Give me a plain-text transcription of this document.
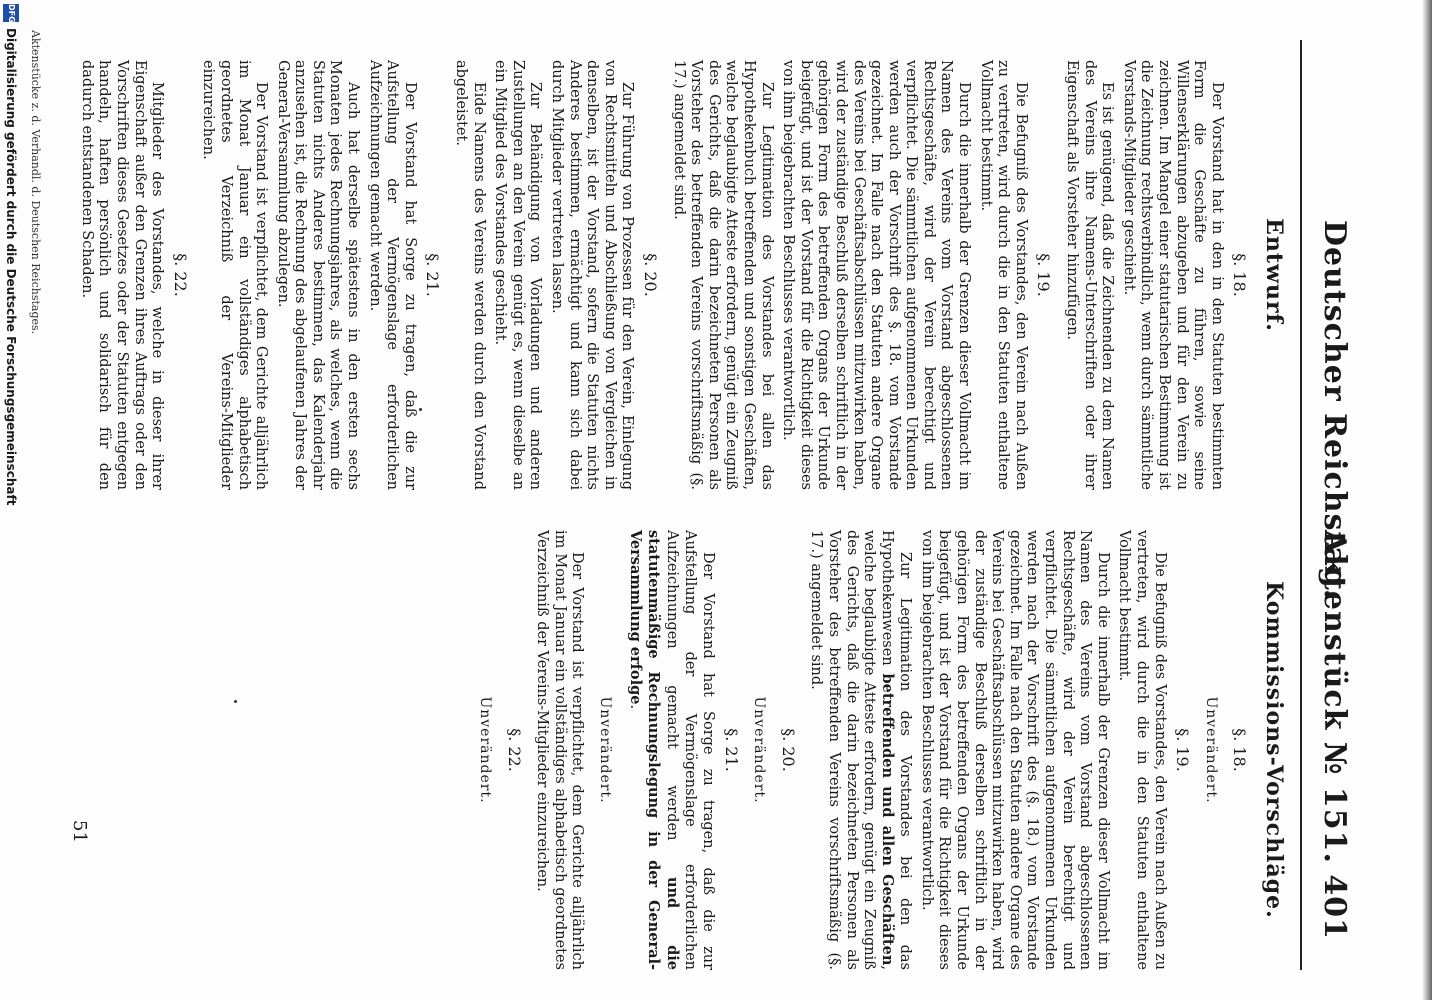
Deutscher Reichstag.
Aktenstück № 151.
401
Entwurf.
§. 18.

Der Vorstand hat in den in den Statuten bestimmten Form die Geschäfte zu führen, sowie seine Willenserklärungen abzugeben und für den Verein zu zeichnen. Im Mangel einer statutarischen Bestimmung ist die Zeichnung rechtsverbindlich, wenn durch sämmtliche Vorstands-Mitglieder geschieht.

Es ist genügend, daß die Zeichnenden zu dem Namen des Vereins ihre Namens-Unterschriften oder ihrer Eigenschaft als Vorsteher hinzufügen.

§. 19.

Die Befugniß des Vorstandes, den Verein nach Außen zu vertreten, wird durch die in den Statuten enthaltene Vollmacht bestimmt.

Durch die innerhalb der Grenzen dieser Vollmacht im Namen des Vereins vom Vorstand abgeschlossenen Rechtsgeschäfte, wird der Verein berechtigt und verpflichtet. Die sämmtlichen aufgenommenen Urkunden werden auch der Vorschrift des §. 18. vom Vorstande gezeichnet. Im Falle nach den Statuten andere Organe des Vereins bei Geschäftsabschlüssen mitzuwirken haben, wird der zuständige Beschluß derselben schriftlich in der gehörigen Form des betreffenden Organs der Urkunde beigefügt, und ist der Vorstand für die Richtigkeit dieses von ihm beigebrachten Beschlusses verantwortlich.

Zur Legitimation des Vorstandes bei allen das Hypothekenbuch betreffenden und sonstigen Geschäften, welche beglaubigte Atteste erfordern, genügt ein Zeugniß des Gerichts, daß die darin bezeichneten Personen als Vorsteher des betreffenden Vereins vorschriftsmäßig (§. 17.) angemeldet sind.

§. 20.

Zur Führung von Prozessen für den Verein, Einlegung von Rechtsmitteln und Abschließung von Vergleichen in denselben, ist der Vorstand, sofern die Statuten nichts Anderes bestimmen, ermächtigt und kann sich dabei durch Mitglieder vertreten lassen.

Zur Behändigung von Vorladungen und anderen Zustellungen an den Verein genügt es, wenn dieselbe an ein Mitglied des Vorstandes geschieht.

Eide Namens des Vereins werden durch den Vorstand abgeleistet.

§. 21.

Der Vorstand hat Sorge zu tragen, daß die zur Aufstellung der Vermögenslage erforderlichen Aufzeichnungen gemacht werden.

Auch hat derselbe spätestens in den ersten sechs Monaten jedes Rechnungsjahres, als welches, wenn die Statuten nichts Anderes bestimmen, das Kalenderjahr anzusehen ist, die Rechnung des abgelaufenen Jahres der General-Versammlung abzulegen.

Der Vorstand ist verpflichtet, dem Gerichte alljährlich im Monat Januar ein vollständiges alphabetisch geordnetes Verzeichniß der Vereins-Mitglieder einzureichen.

§. 22.

Mitglieder des Vorstandes, welche in dieser ihrer Eigenschaft außer den Grenzen ihres Auftrags oder den Vorschriften dieses Gesetzes oder der Statuten entgegen handeln, haften persönlich und solidarisch für den dadurch entstandenen Schaden.

Kommissions-Vorschläge.
§. 18.
Unverändert.
§. 19.

Die Befugniß des Vorstandes, den Verein nach Außen zu vertreten, wird durch die in den Statuten enthaltene Vollmacht bestimmt.

Durch die innerhalb der Grenzen dieser Vollmacht im Namen des Vereins vom Vorstand abgeschlossenen Rechtsgeschäfte, wird der Verein berechtigt und verpflichtet. Die sämmtlichen aufgenommenen Urkunden werden nach der Vorschrift des (§. 18.) vom Vorstande gezeichnet. Im Falle nach den Statuten andere Organe des Vereins bei Geschäftsabschlüssen mitzuwirken haben, wird der zuständige Beschluß derselben schriftlich in der gehörigen Form des betreffenden Organs der Urkunde beigefügt, und ist der Vorstand für die Richtigkeit dieses von ihm beigebrachten Beschlusses verantwortlich.

Zur Legitimation des Vorstandes bei den das Hypothekenwesen betreffenden und allen Geschäften, welche beglaubigte Atteste erfordern, genügt ein Zeugniß des Gerichts, daß die darin bezeichneten Personen als Vorsteher des betreffenden Vereins vorschriftsmäßig (§. 17.) angemeldet sind.

§. 20.
Unverändert.
§. 21.

Der Vorstand hat Sorge zu tragen, daß die zur Aufstellung der Vermögenslage erforderlichen Aufzeichnungen gemacht werden und die statutenmäßige Rechnungslegung in der General-Versammlung erfolge.

Unverändert.

Der Vorstand ist verpflichtet, dem Gerichte alljährlich im Monat Januar ein vollständiges alphabetisch geordnetes Verzeichniß der Vereins-Mitglieder einzureichen.

§. 22.
Unverändert.
51
Aktenstücke z. d. Verhandl. d. Deutschen Reichstages.
DFG
Digitalisierung gefördert durch die Deutsche Forschungsgemeinschaft
